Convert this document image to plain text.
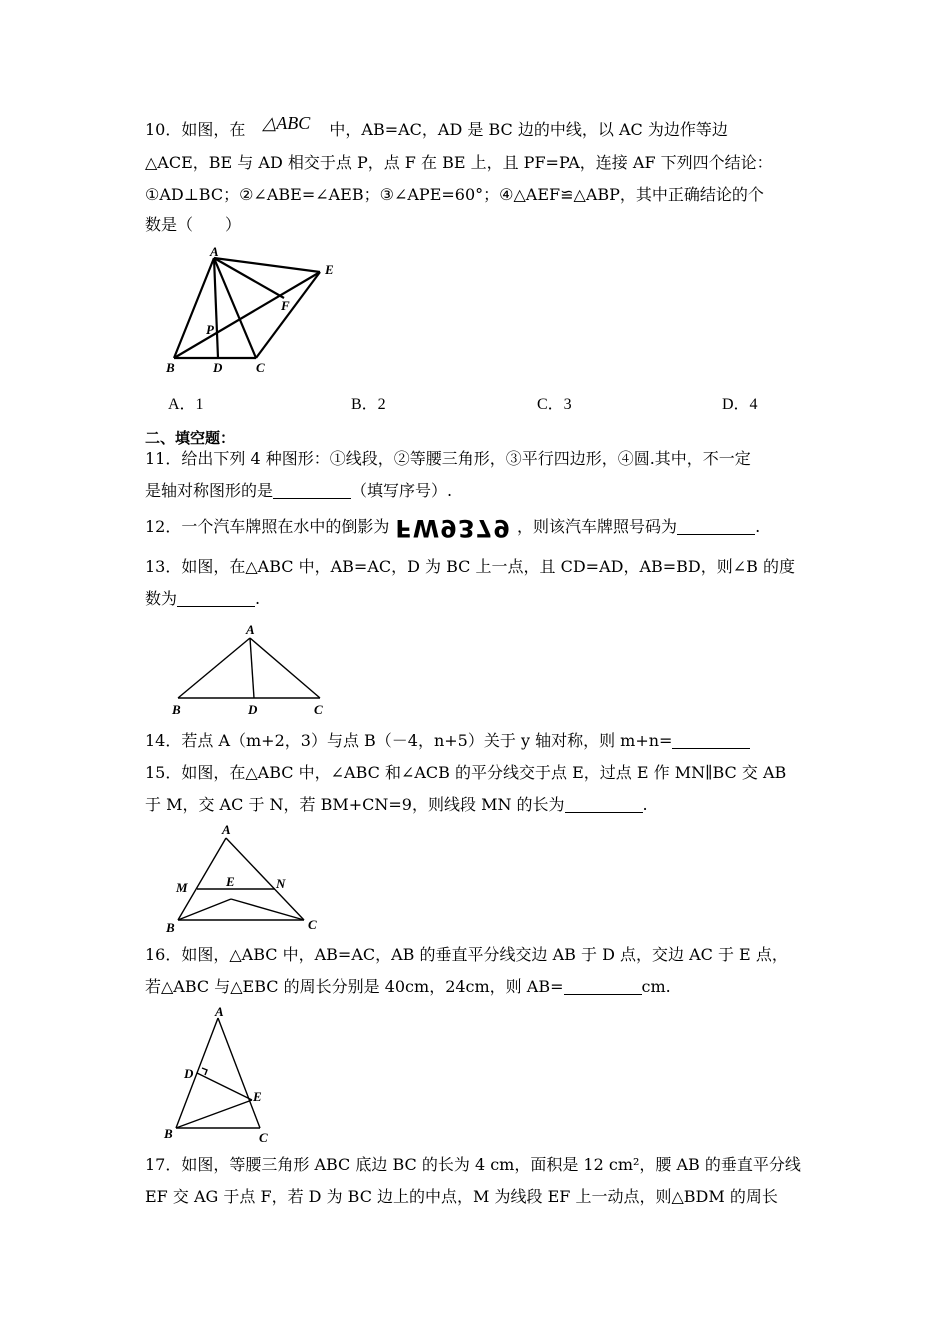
10．如图，在 △ABC 中，AB=AC，AD 是 BC 边的中线，以 AC 为边作等边
△ACE，BE 与 AD 相交于点 P，点 F 在 BE 上，且 PF=PA，连接 AF 下列四个结论：
①AD⊥BC；②∠ABE=∠AEB；③∠APE=60°；④△AEF≌△ABP，其中正确结论的个
数是（　　）
A
E
F
P
B	D	C
A．1	B．2	C．3	D．4
二、填空题：
11．给出下列 4 种图形：①线段，②等腰三角形，③平行四边形，④圆.其中，不一定
是轴对称图形的是	（填写序号）.
12．一个汽车牌照在水中的倒影为 FW9379 ，则该汽车牌照号码为	.
13．如图，在△ABC 中，AB=AC，D 为 BC 上一点，且 CD=AD，AB=BD，则∠B 的度
数为	.
A
B	D	C
14．若点 A（m+2，3）与点 B（－4，n+5）关于 y 轴对称，则 m+n=
15．如图，在△ABC 中，∠ABC 和∠ACB 的平分线交于点 E，过点 E 作 MN∥BC 交 AB
于 M，交 AC 于 N，若 BM+CN=9，则线段 MN 的长为	.
A
M	E	N
B	C
16．如图，△ABC 中，AB=AC，AB 的垂直平分线交边 AB 于 D 点，交边 AC 于 E 点，
若△ABC 与△EBC 的周长分别是 40cm，24cm，则 AB=	cm.
A
D
E
B	C
17．如图，等腰三角形 ABC 底边 BC 的长为 4 cm，面积是 12 cm²，腰 AB 的垂直平分线
EF 交 AG 于点 F，若 D 为 BC 边上的中点，M 为线段 EF 上一动点，则△BDM 的周长
